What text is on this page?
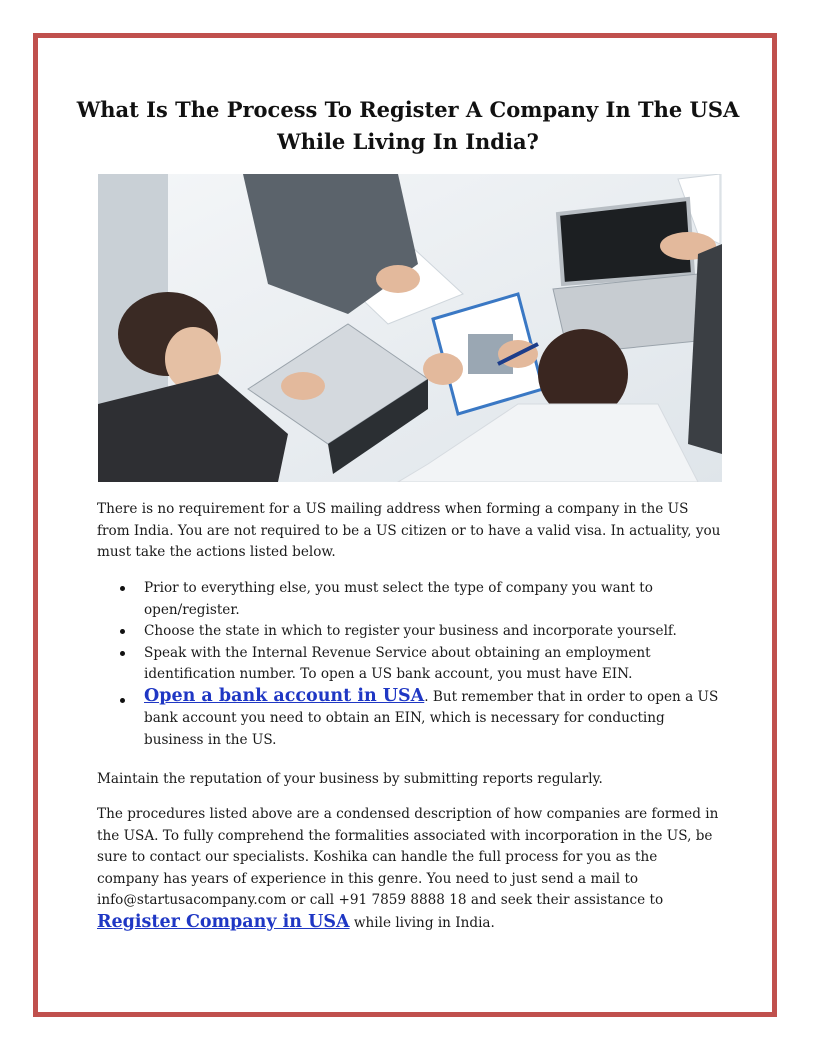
What Is The Process To Register A Company In The USA
While Living In India?

There is no requirement for a US mailing address when forming a company in the US from India. You are not required to be a US citizen or to have a valid visa. In actuality, you must take the actions listed below.

Prior to everything else, you must select the type of company you want to open/register.
Choose the state in which to register your business and incorporate yourself.
Speak with the Internal Revenue Service about obtaining an employment identification number. To open a US bank account, you must have EIN.
Open a bank account in USA. But remember that in order to open a US bank account you need to obtain an EIN, which is necessary for conducting business in the US.

Maintain the reputation of your business by submitting reports regularly.

The procedures listed above are a condensed description of how companies are formed in the USA. To fully comprehend the formalities associated with incorporation in the US, be sure to contact our specialists. Koshika can handle the full process for you as the company has years of experience in this genre. You need to just send a mail to info@startusacompany.com or call +91 7859 8888 18 and seek their assistance to
Register Company in USA while living in India.
